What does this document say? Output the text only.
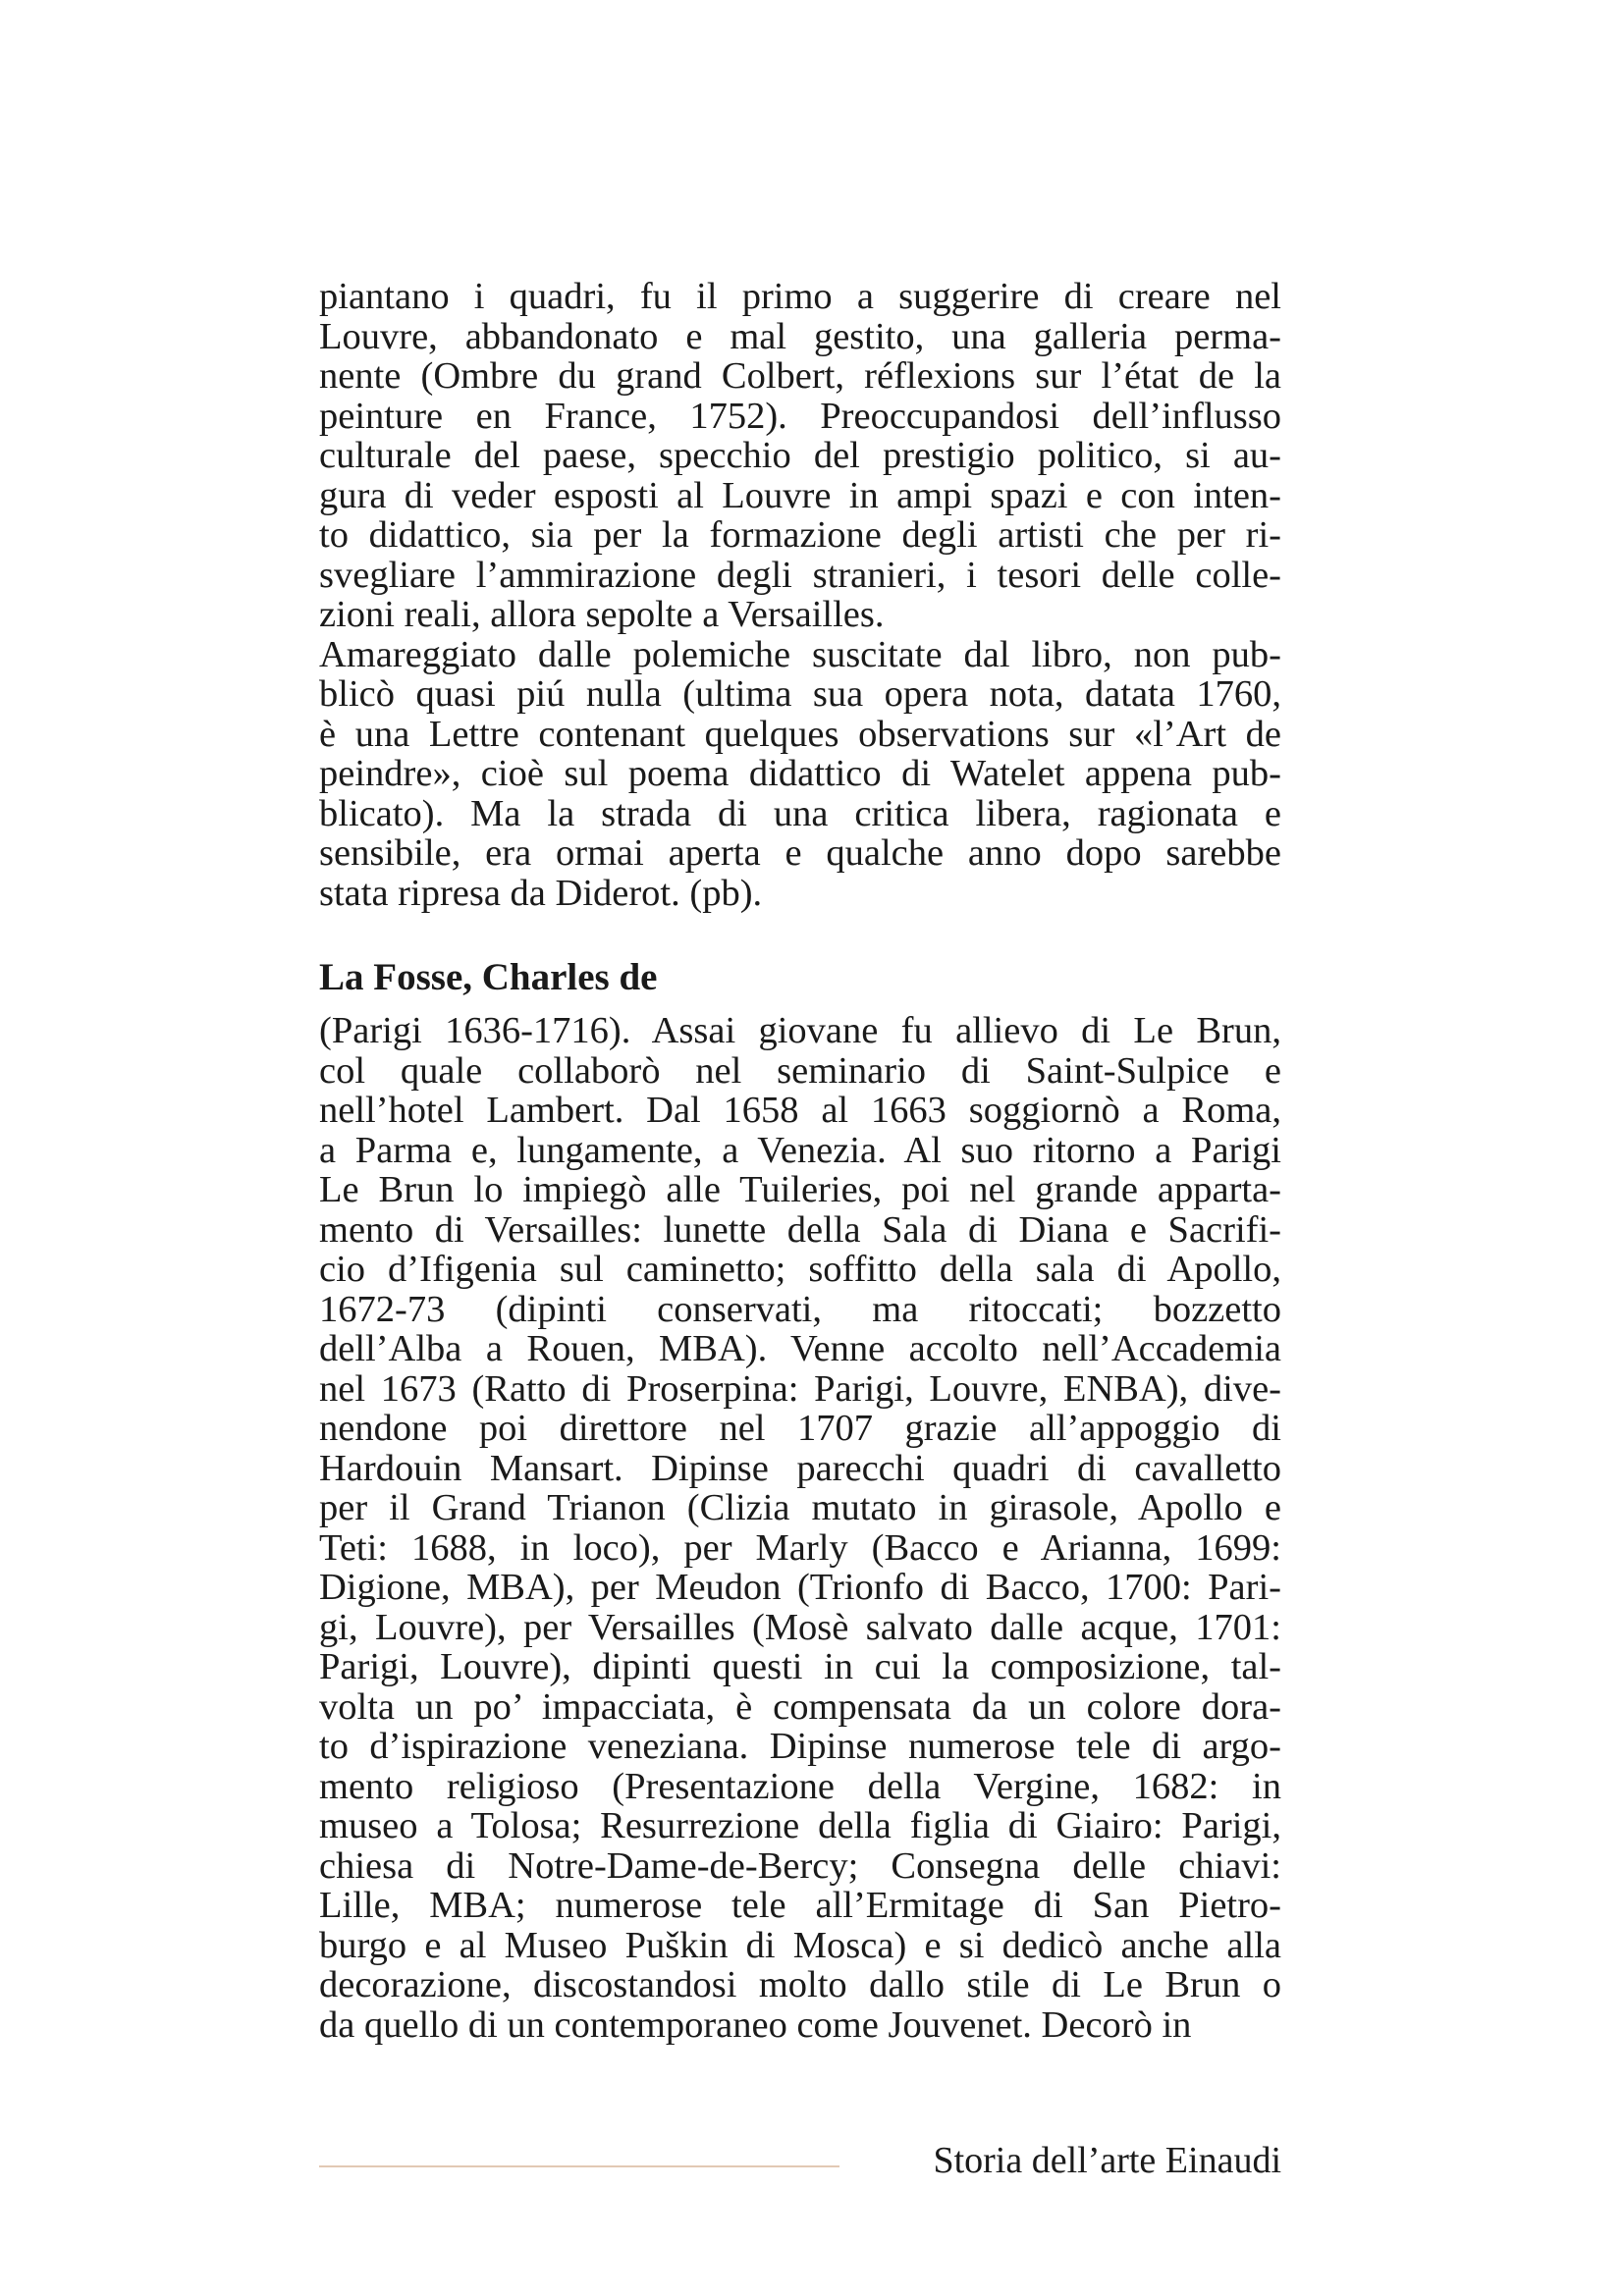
piantano i quadri, fu il primo a suggerire di creare nel
Louvre, abbandonato e mal gestito, una galleria perma-
nente (Ombre du grand Colbert, réflexions sur l’état de la
peinture en France, 1752). Preoccupandosi dell’influsso
culturale del paese, specchio del prestigio politico, si au-
gura di veder esposti al Louvre in ampi spazi e con inten-
to didattico, sia per la formazione degli artisti che per ri-
svegliare l’ammirazione degli stranieri, i tesori delle colle-
zioni reali, allora sepolte a Versailles.

Amareggiato dalle polemiche suscitate dal libro, non pub-
blicò quasi piú nulla (ultima sua opera nota, datata 1760,
è una Lettre contenant quelques observations sur «l’Art de
peindre», cioè sul poema didattico di Watelet appena pub-
blicato). Ma la strada di una critica libera, ragionata e
sensibile, era ormai aperta e qualche anno dopo sarebbe
stata ripresa da Diderot. (pb).

La Fosse, Charles de

(Parigi 1636-1716). Assai giovane fu allievo di Le Brun,
col quale collaborò nel seminario di Saint-Sulpice e
nell’hotel Lambert. Dal 1658 al 1663 soggiornò a Roma,
a Parma e, lungamente, a Venezia. Al suo ritorno a Parigi
Le Brun lo impiegò alle Tuileries, poi nel grande apparta-
mento di Versailles: lunette della Sala di Diana e Sacrifi-
cio d’Ifigenia sul caminetto; soffitto della sala di Apollo,
1672-73 (dipinti conservati, ma ritoccati; bozzetto
dell’Alba a Rouen, MBA). Venne accolto nell’Accademia
nel 1673 (Ratto di Proserpina: Parigi, Louvre, ENBA), dive-
nendone poi direttore nel 1707 grazie all’appoggio di
Hardouin Mansart. Dipinse parecchi quadri di cavalletto
per il Grand Trianon (Clizia mutato in girasole, Apollo e
Teti: 1688, in loco), per Marly (Bacco e Arianna, 1699:
Digione, MBA), per Meudon (Trionfo di Bacco, 1700: Pari-
gi, Louvre), per Versailles (Mosè salvato dalle acque, 1701:
Parigi, Louvre), dipinti questi in cui la composizione, tal-
volta un po’ impacciata, è compensata da un colore dora-
to d’ispirazione veneziana. Dipinse numerose tele di argo-
mento religioso (Presentazione della Vergine, 1682: in
museo a Tolosa; Resurrezione della figlia di Giairo: Parigi,
chiesa di Notre-Dame-de-Bercy; Consegna delle chiavi:
Lille, MBA; numerose tele all’Ermitage di San Pietro-
burgo e al Museo Puškin di Mosca) e si dedicò anche alla
decorazione, discostandosi molto dallo stile di Le Brun o
da quello di un contemporaneo come Jouvenet. Decorò in

Storia dell’arte Einaudi
